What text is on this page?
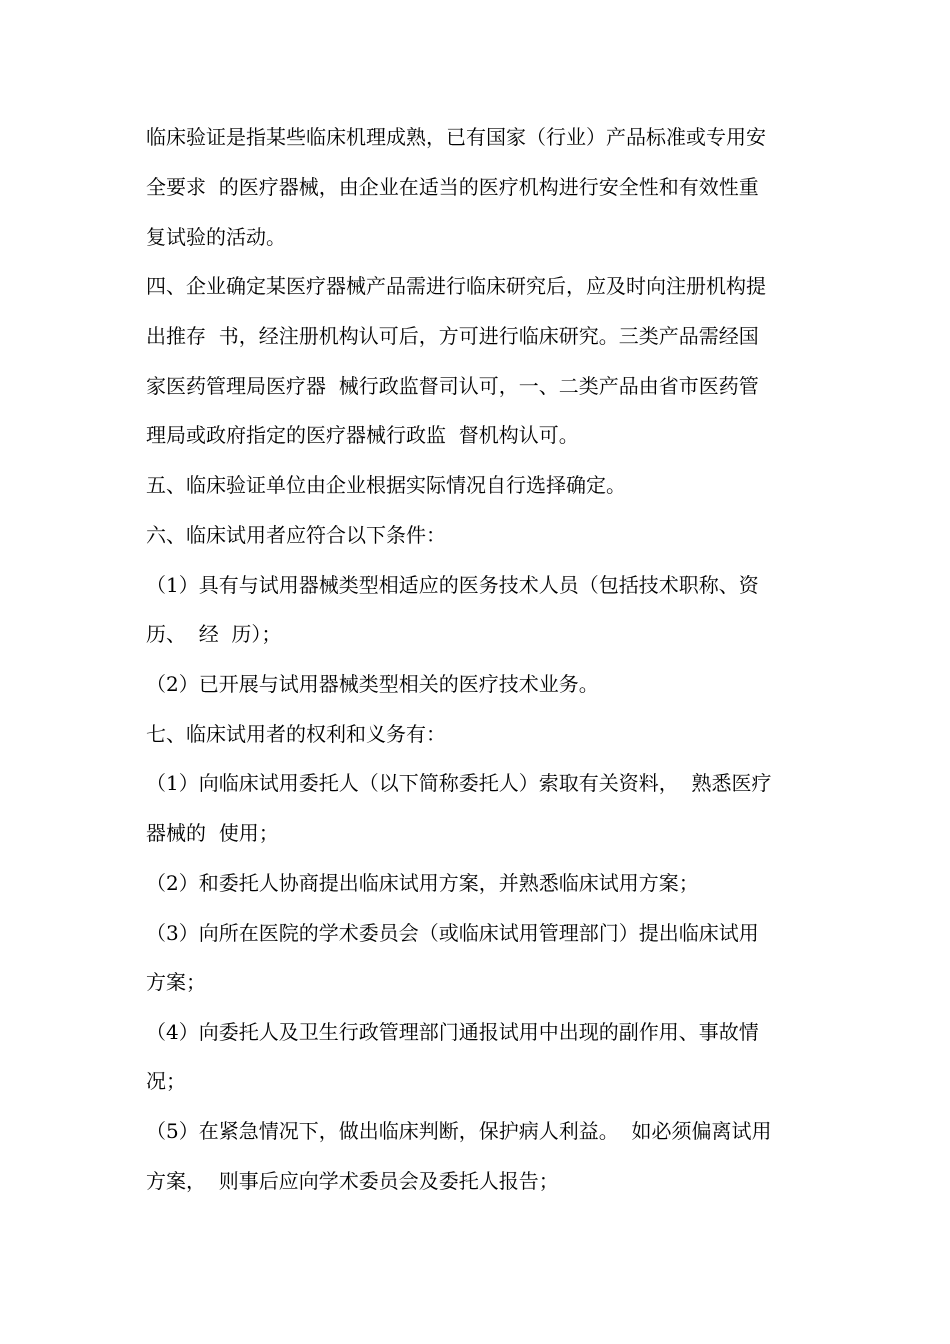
临床验证是指某些临床机理成熟，已有国家（行业）产品标准或专用安
全要求  的医疗器械，由企业在适当的医疗机构进行安全性和有效性重
复试验的活动。
四、企业确定某医疗器械产品需进行临床研究后，应及时向注册机构提
出推存  书，经注册机构认可后，方可进行临床研究。三类产品需经国
家医药管理局医疗器  械行政监督司认可，一、二类产品由省市医药管
理局或政府指定的医疗器械行政监  督机构认可。
五、临床验证单位由企业根据实际情况自行选择确定。
六、临床试用者应符合以下条件：
（1）具有与试用器械类型相适应的医务技术人员（包括技术职称、资
历、  经  历）；
（2）已开展与试用器械类型相关的医疗技术业务。
七、临床试用者的权利和义务有：
（1）向临床试用委托人（以下简称委托人）索取有关资料，  熟悉医疗
器械的  使用；
（2）和委托人协商提出临床试用方案，并熟悉临床试用方案；
（3）向所在医院的学术委员会（或临床试用管理部门）提出临床试用
方案；
（4）向委托人及卫生行政管理部门通报试用中出现的副作用、事故情
况；
（5）在紧急情况下，做出临床判断，保护病人利益。  如必须偏离试用
方案，  则事后应向学术委员会及委托人报告；
